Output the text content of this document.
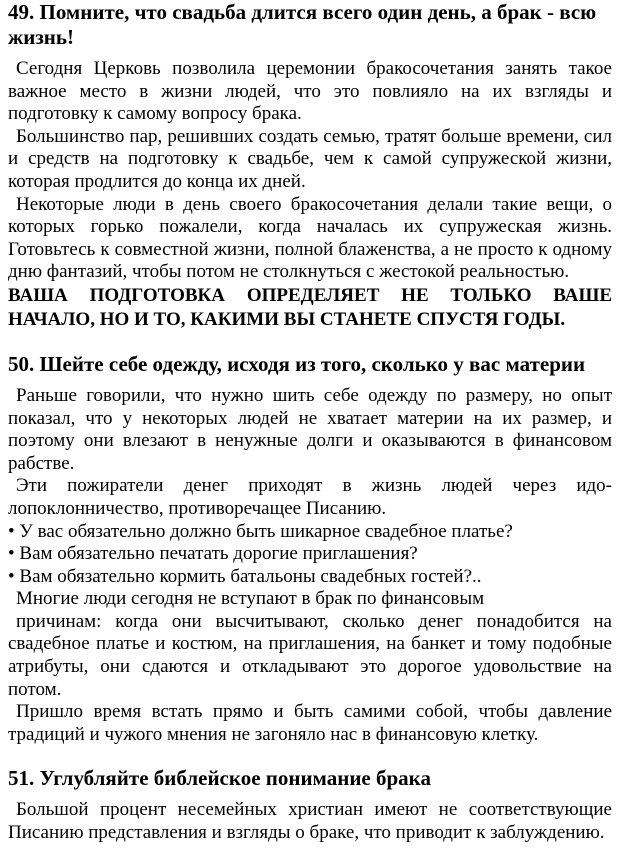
49. Помните, что свадьба длится всего один день, а брак - всю жизнь!

Сегодня Церковь позволила церемонии бракосочетания занять такое важное место в жизни людей, что это повлияло на их взгляды и подготовку к самому вопросу брака.

Большинство пар, решивших создать семью, тратят больше времени, сил и средств на подготовку к свадьбе, чем к самой супружеской жизни, которая продлится до конца их дней.

Некоторые люди в день своего бракосочетания делали такие вещи, о которых горько пожалели, когда началась их супружеская жизнь. Готовьтесь к совместной жизни, полной блаженства, а не просто к одному дню фантазий, чтобы потом не столкнуться с жестокой реальностью.

ВАША ПОДГОТОВКА ОПРЕДЕЛЯЕТ НЕ ТОЛЬКО ВАШЕ НАЧАЛО, НО И ТО, КАКИМИ ВЫ СТАНЕТЕ СПУСТЯ ГОДЫ.

50. Шейте себе одежду, исходя из того, сколько у вас материи

Раньше говорили, что нужно шить себе одежду по размеру, но опыт показал, что у некоторых людей не хватает материи на их размер, и поэтому они влезают в ненужные долги и оказываются в финансовом рабстве.

Эти пожиратели денег приходят в жизнь людей через идо-лопоклонничество, противоречащее Писанию.

• У вас обязательно должно быть шикарное свадебное платье?

• Вам обязательно печатать дорогие приглашения?

• Вам обязательно кормить батальоны свадебных гостей?..

Многие люди сегодня не вступают в брак по финансовым

причинам: когда они высчитывают, сколько денег понадобится на свадебное платье и костюм, на приглашения, на банкет и тому подобные атрибуты, они сдаются и откладывают это дорогое удовольствие на потом.

Пришло время встать прямо и быть самими собой, чтобы давление традиций и чужого мнения не загоняло нас в финансовую клетку.

51. Углубляйте библейское понимание брака

Большой процент несемейных христиан имеют не соответствующие Писанию представления и взгляды о браке, что приводит к заблуждению.
